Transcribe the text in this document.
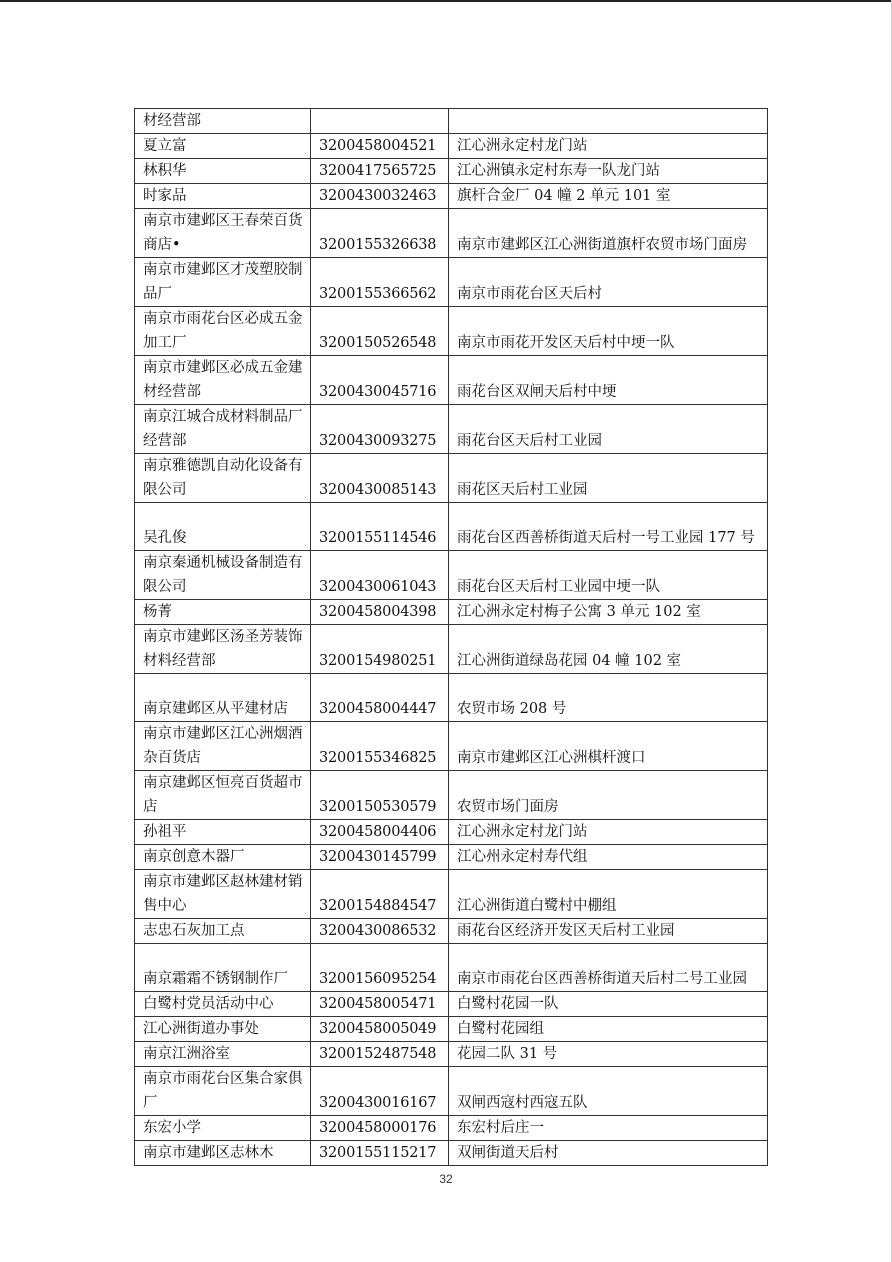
材经营部		
夏立富	3200458004521	江心洲永定村龙门站
林积华	3200417565725	江心洲镇永定村东寿一队龙门站
时家品	3200430032463	旗杆合金厂 04 幢 2 单元 101 室
南京市建邺区王春荣百货商店•	3200155326638	南京市建邺区江心洲街道旗杆农贸市场门面房
南京市建邺区才茂塑胶制品厂	3200155366562	南京市雨花台区天后村
南京市雨花台区必成五金加工厂	3200150526548	南京市雨花开发区天后村中埂一队
南京市建邺区必成五金建材经营部	3200430045716	雨花台区双闸天后村中埂
南京江城合成材料制品厂经营部	3200430093275	雨花台区天后村工业园
南京雅德凯自动化设备有限公司	3200430085143	雨花区天后村工业园
吴孔俊	3200155114546	雨花台区西善桥街道天后村一号工业园 177 号
南京秦通机械设备制造有限公司	3200430061043	雨花台区天后村工业园中埂一队
杨菁	3200458004398	江心洲永定村梅子公寓 3 单元 102 室
南京市建邺区汤圣芳装饰材料经营部	3200154980251	江心洲街道绿岛花园 04 幢 102 室
南京建邺区从平建材店	3200458004447	农贸市场 208 号
南京市建邺区江心洲烟酒杂百货店	3200155346825	南京市建邺区江心洲棋杆渡口
南京建邺区恒亮百货超市店	3200150530579	农贸市场门面房
孙祖平	3200458004406	江心洲永定村龙门站
南京创意木器厂	3200430145799	江心州永定村寿代组
南京市建邺区赵林建材销售中心	3200154884547	江心洲街道白鹭村中棚组
志忠石灰加工点	3200430086532	雨花台区经济开发区天后村工业园
南京霜霜不锈钢制作厂	3200156095254	南京市雨花台区西善桥街道天后村二号工业园
白鹭村党员活动中心	3200458005471	白鹭村花园一队
江心洲街道办事处	3200458005049	白鹭村花园组
南京江洲浴室	3200152487548	花园二队 31 号
南京市雨花台区集合家俱厂	3200430016167	双闸西寇村西寇五队
东宏小学	3200458000176	东宏村后庄一
南京市建邺区志林木	3200155115217	双闸街道天后村
32
